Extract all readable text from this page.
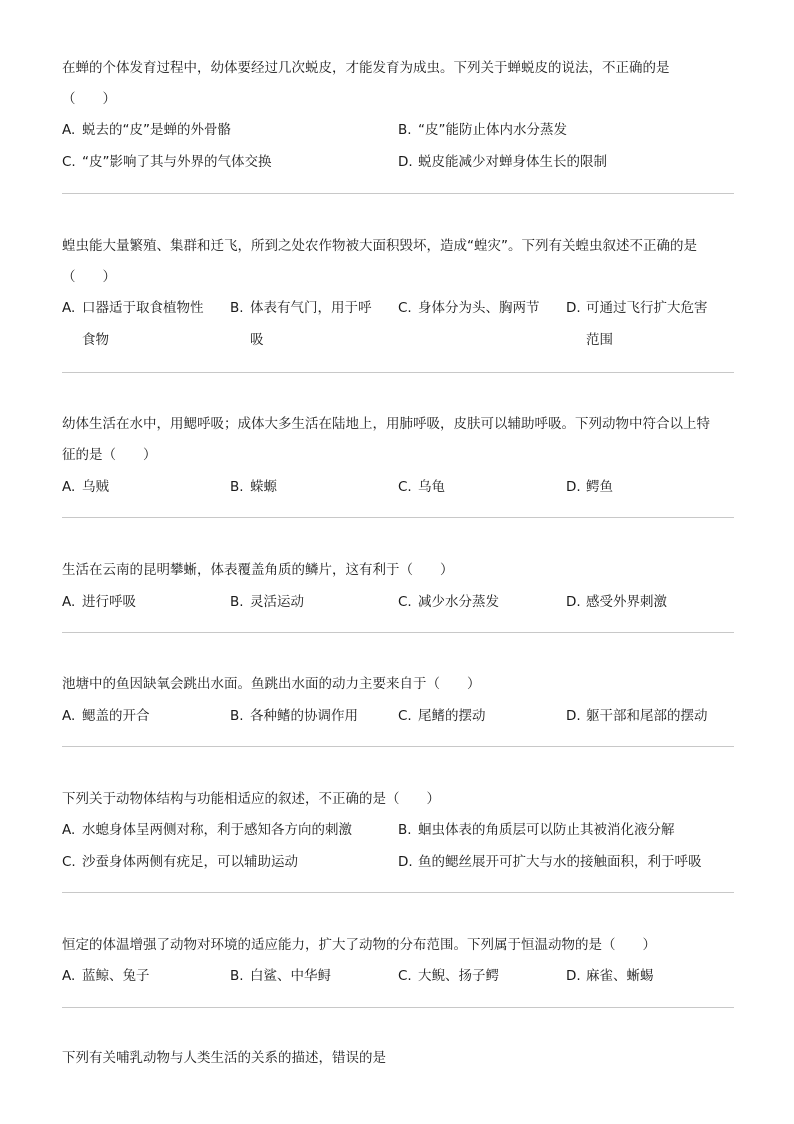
在蝉的个体发育过程中，幼体要经过几次蜕皮，才能发育为成虫。下列关于蝉蜕皮的说法，不正确的是
（　　）
A. 蜕去的“皮”是蝉的外骨骼	B. “皮”能防止体内水分蒸发
C. “皮”影响了其与外界的气体交换	D. 蜕皮能减少对蝉身体生长的限制
蝗虫能大量繁殖、集群和迁飞，所到之处农作物被大面积毁坏，造成“蝗灾”。下列有关蝗虫叙述不正确的是
（　　）
A. 口器适于取食植物性
食物
B. 体表有气门，用于呼
吸
C. 身体分为头、胸两节 D. 可通过飞行扩大危害
范围
幼体生活在水中，用鳃呼吸；成体大多生活在陆地上，用肺呼吸，皮肤可以辅助呼吸。下列动物中符合以上特
征的是（　　）
A. 乌贼	B. 蝾螈	C. 乌龟	D. 鳄鱼
生活在云南的昆明攀蜥，体表覆盖角质的鳞片，这有利于（　　）
A. 进行呼吸	B. 灵活运动	C. 减少水分蒸发	D. 感受外界刺激
池塘中的鱼因缺氧会跳出水面。鱼跳出水面的动力主要来自于（　　）
A. 鳃盖的开合	B. 各种鳍的协调作用	C. 尾鳍的摆动	D. 躯干部和尾部的摆动
下列关于动物体结构与功能相适应的叙述，不正确的是（　　）
A. 水螅身体呈两侧对称，利于感知各方向的刺激	B. 蛔虫体表的角质层可以防止其被消化液分解
C. 沙蚕身体两侧有疣足，可以辅助运动	D. 鱼的鳃丝展开可扩大与水的接触面积，利于呼吸
恒定的体温增强了动物对环境的适应能力，扩大了动物的分布范围。下列属于恒温动物的是（　　）
A. 蓝鲸、兔子	B. 白鲨、中华鲟	C. 大鲵、扬子鳄	D. 麻雀、蜥蜴
下列有关哺乳动物与人类生活的关系的描述，错误的是
